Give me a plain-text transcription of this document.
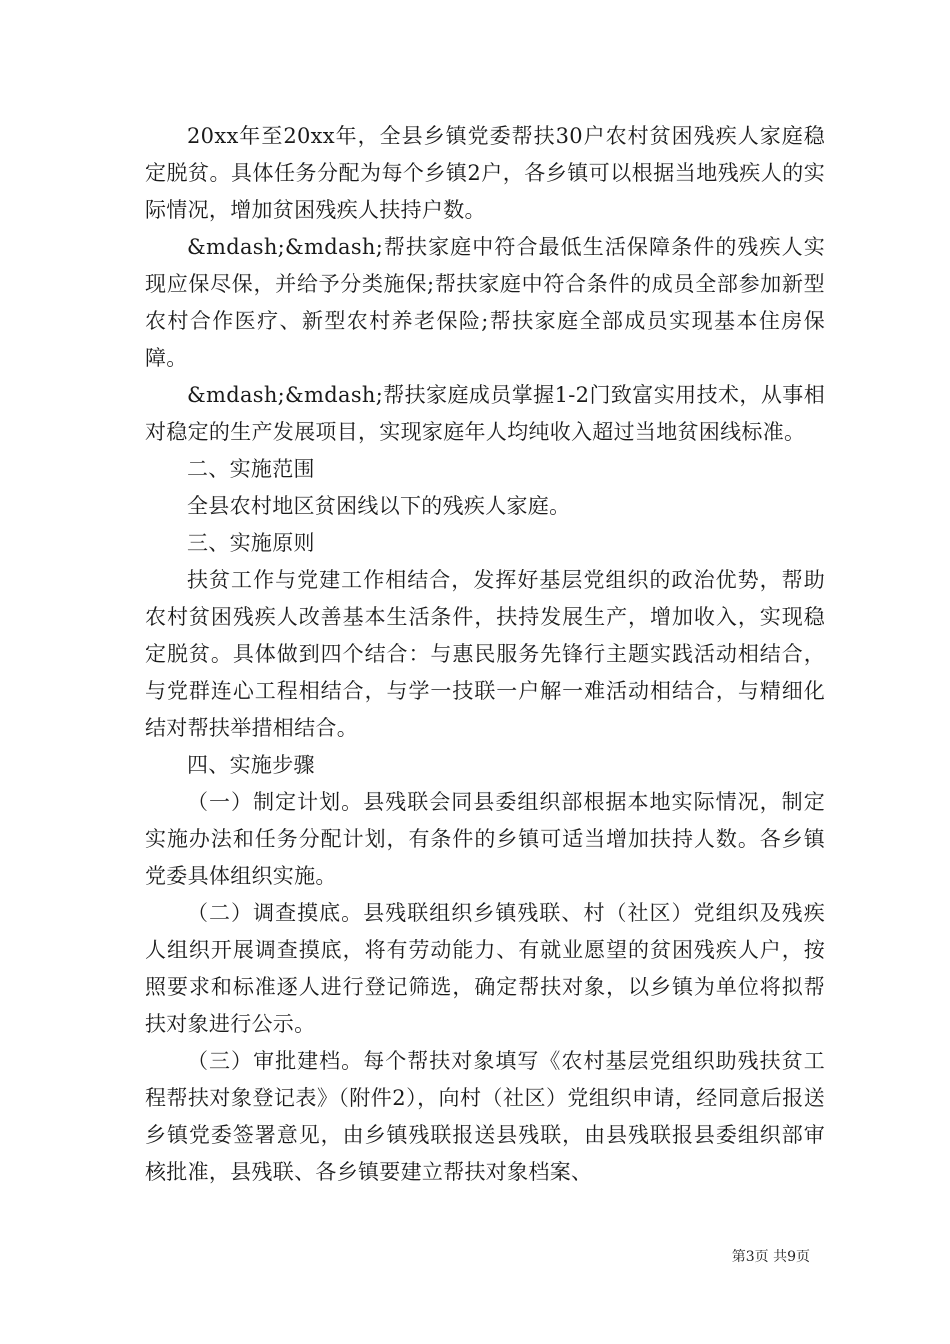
20xx年至20xx年，全县乡镇党委帮扶30户农村贫困残疾人家庭稳定脱贫。具体任务分配为每个乡镇2户，各乡镇可以根据当地残疾人的实际情况，增加贫困残疾人扶持户数。

&mdash;&mdash;帮扶家庭中符合最低生活保障条件的残疾人实现应保尽保，并给予分类施保;帮扶家庭中符合条件的成员全部参加新型农村合作医疗、新型农村养老保险;帮扶家庭全部成员实现基本住房保障。

&mdash;&mdash;帮扶家庭成员掌握1-2门致富实用技术，从事相对稳定的生产发展项目，实现家庭年人均纯收入超过当地贫困线标准。

二、实施范围

全县农村地区贫困线以下的残疾人家庭。

三、实施原则

扶贫工作与党建工作相结合，发挥好基层党组织的政治优势，帮助农村贫困残疾人改善基本生活条件，扶持发展生产，增加收入，实现稳定脱贫。具体做到四个结合：与惠民服务先锋行主题实践活动相结合，与党群连心工程相结合，与学一技联一户解一难活动相结合，与精细化结对帮扶举措相结合。

四、实施步骤

（一）制定计划。县残联会同县委组织部根据本地实际情况，制定实施办法和任务分配计划，有条件的乡镇可适当增加扶持人数。各乡镇党委具体组织实施。

（二）调查摸底。县残联组织乡镇残联、村（社区）党组织及残疾人组织开展调查摸底，将有劳动能力、有就业愿望的贫困残疾人户，按照要求和标准逐人进行登记筛选，确定帮扶对象，以乡镇为单位将拟帮扶对象进行公示。

（三）审批建档。每个帮扶对象填写《农村基层党组织助残扶贫工程帮扶对象登记表》（附件2），向村（社区）党组织申请，经同意后报送乡镇党委签署意见，由乡镇残联报送县残联，由县残联报县委组织部审核批准，县残联、各乡镇要建立帮扶对象档案、

第3页 共9页
